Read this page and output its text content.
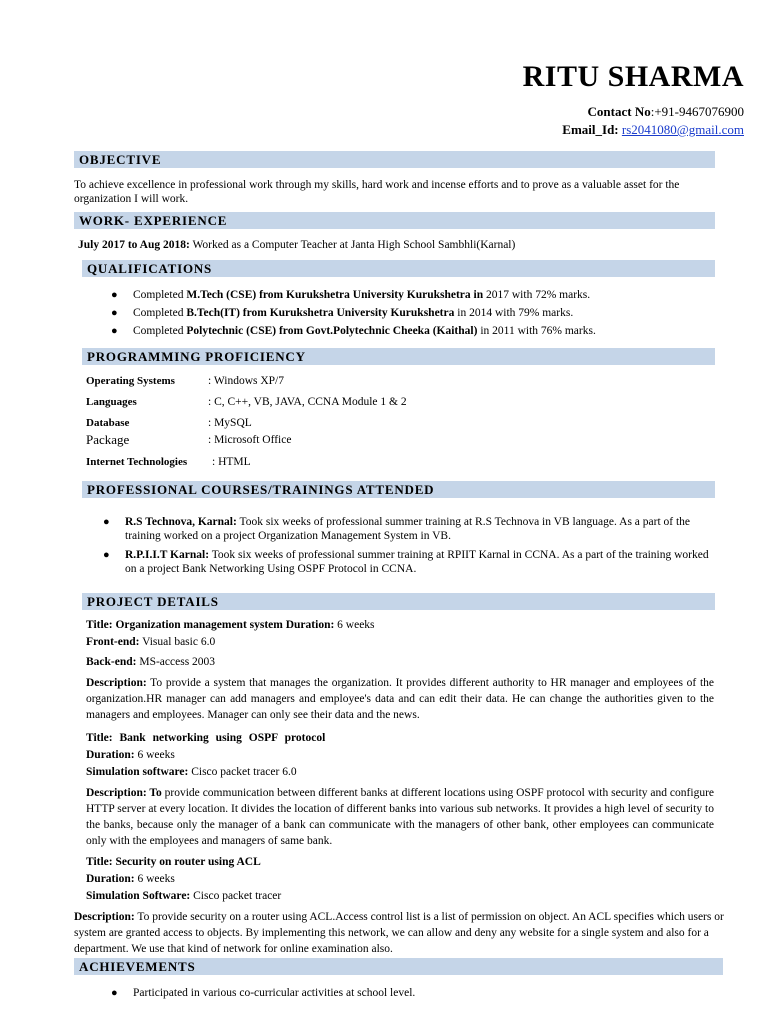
RITU SHARMA
Contact No:+91-9467076900
Email_Id: rs2041080@gmail.com
OBJECTIVE
To achieve excellence in professional work through my skills, hard work and incense efforts and to prove as a valuable asset for the organization I will work.
WORK- EXPERIENCE
July 2017 to Aug 2018: Worked as a Computer Teacher at Janta High School Sambhli(Karnal)
QUALIFICATIONS
● Completed M.Tech (CSE) from Kurukshetra University Kurukshetra in 2017 with 72% marks.
● Completed B.Tech(IT) from Kurukshetra University Kurukshetra in 2014 with 79% marks.
● Completed Polytechnic (CSE) from Govt.Polytechnic Cheeka (Kaithal) in 2011 with 76% marks.
PROGRAMMING PROFICIENCY
Operating Systems	: Windows XP/7
Languages	: C, C++, VB, JAVA, CCNA Module 1 & 2
Database	: MySQL
Package	: Microsoft Office
Internet Technologies	: HTML
PROFESSIONAL COURSES/TRAININGS ATTENDED
● R.S Technova, Karnal: Took six weeks of professional summer training at R.S Technova in VB language. As a part of the training worked on a project Organization Management System in VB.
● R.P.I.I.T Karnal: Took six weeks of professional summer training at RPIIT Karnal in CCNA. As a part of the training worked on a project Bank Networking Using OSPF Protocol in CCNA.
PROJECT DETAILS
Title: Organization management system Duration: 6 weeks
Front-end: Visual basic 6.0
Back-end: MS-access 2003
Description: To provide a system that manages the organization. It provides different authority to HR manager and employees of the organization.HR manager can add managers and employee's data and can edit their data. He can change the authorities given to the managers and employees. Manager can only see their data and the news.
Title: Bank networking using OSPF protocol
Duration: 6 weeks
Simulation software: Cisco packet tracer 6.0
Description: To provide communication between different banks at different locations using OSPF protocol with security and configure HTTP server at every location. It divides the location of different banks into various sub networks. It provides a high level of security to the banks, because only the manager of a bank can communicate with the managers of other bank, other employees can communicate only with the employees and managers of same bank.
Title: Security on router using ACL
Duration: 6 weeks
Simulation Software: Cisco packet tracer
Description: To provide security on a router using ACL.Access control list is a list of permission on object. An ACL specifies which users or system are granted access to objects. By implementing this network, we can allow and deny any website for a single system and also for a department. We use that kind of network for online examination also.
ACHIEVEMENTS
● Participated in various co-curricular activities at school level.
